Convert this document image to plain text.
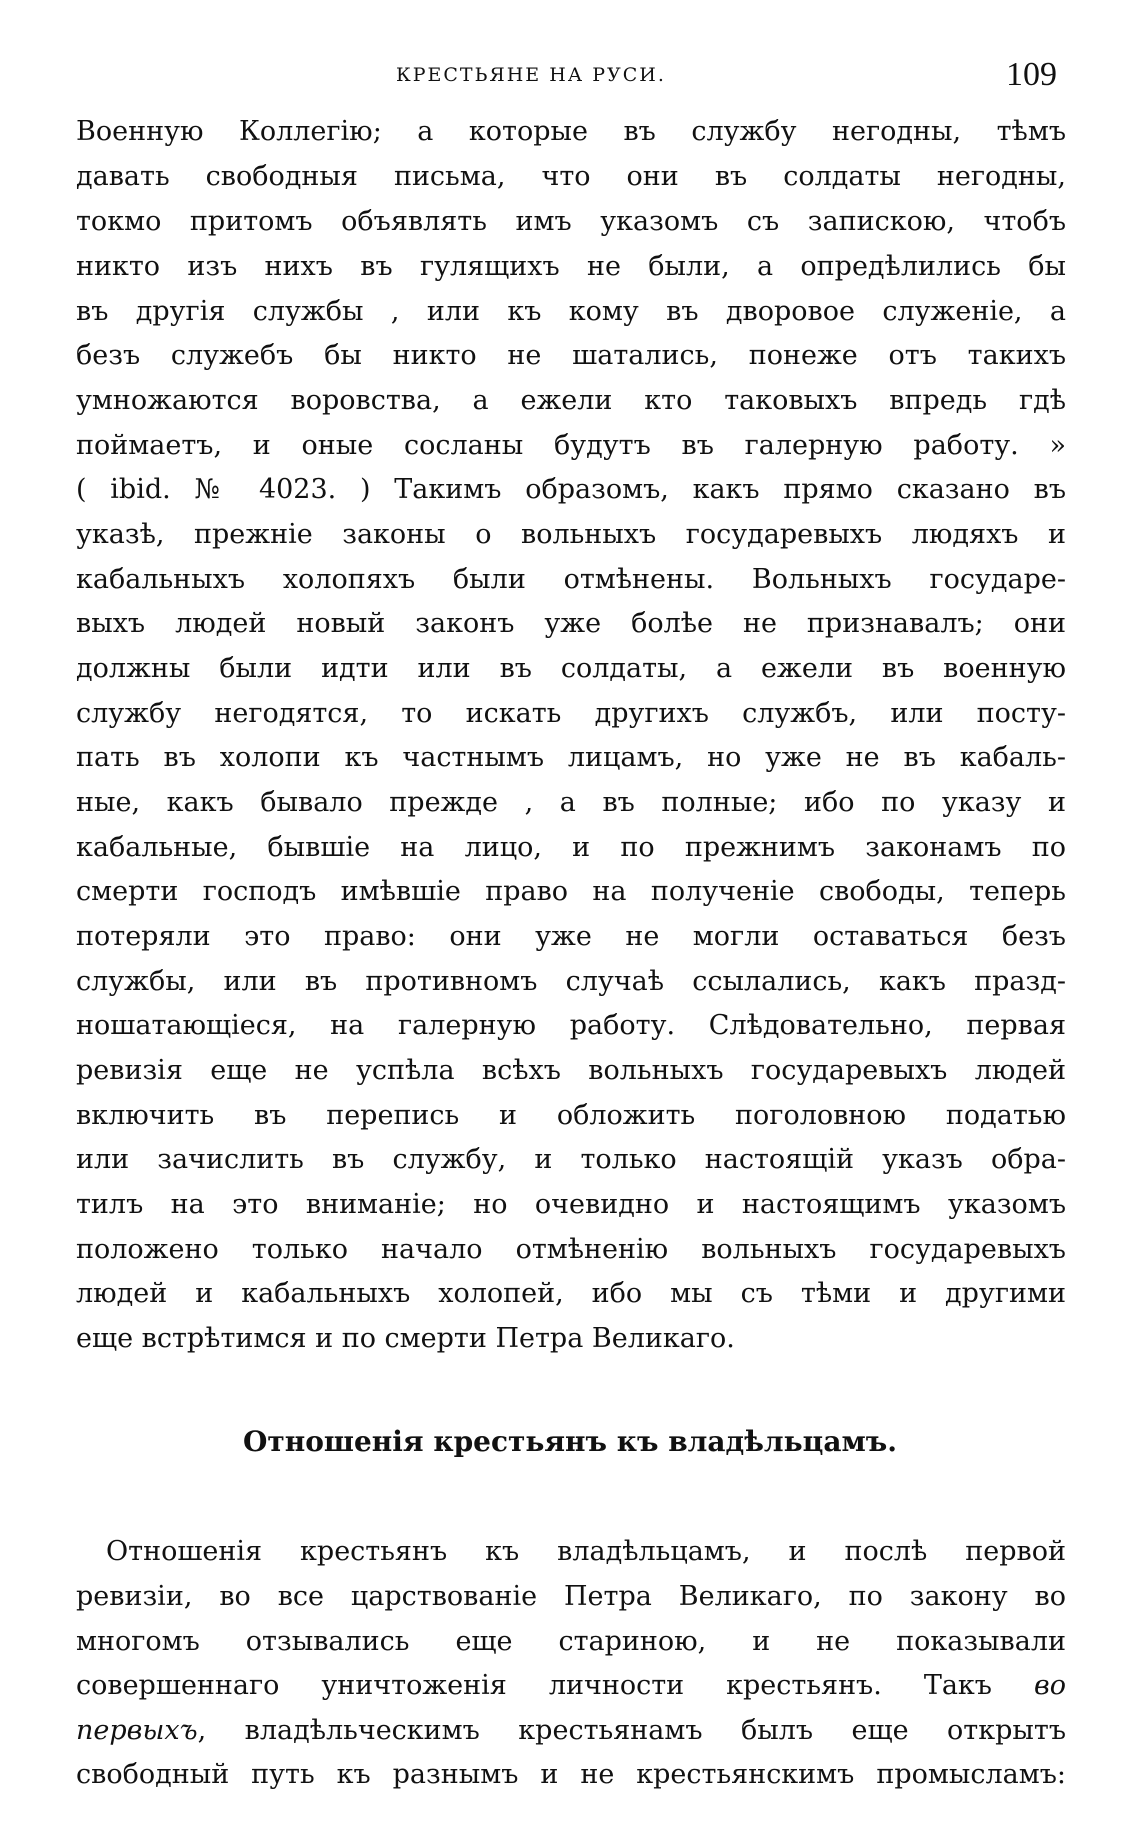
КРЕСТЬЯНЕ НА РУСИ.	109
Военную Коллегію; а которые въ службу негодны, тѣмъ
давать свободныя письма, что они въ солдаты негодны,
токмо притомъ объявлять имъ указомъ съ запискою, чтобъ
никто изъ нихъ въ гулящихъ не были, а опредѣлились бы
въ другія службы , или къ кому въ дворовое служеніе, а
безъ служебъ бы никто не шатались, понеже отъ такихъ
умножаются воровства, а ежели кто таковыхъ впредь гдѣ
поймаетъ, и оные сосланы будутъ въ галерную работу. »
( ibid. № 4023. ) Такимъ образомъ, какъ прямо сказано въ
указѣ, прежніе законы о вольныхъ государевыхъ людяхъ и
кабальныхъ холопяхъ были отмѣнены. Вольныхъ государе-
выхъ людей новый законъ уже болѣе не признавалъ; они
должны были идти или въ солдаты, а ежели въ военную
службу негодятся, то искать другихъ службъ, или посту-
пать въ холопи къ частнымъ лицамъ, но уже не въ кабаль-
ные, какъ бывало прежде , а въ полные; ибо по указу и
кабальные, бывшіе на лицо, и по прежнимъ законамъ по
смерти господъ имѣвшіе право на полученіе свободы, теперь
потеряли это право: они уже не могли оставаться безъ
службы, или въ противномъ случаѣ ссылались, какъ празд-
ношатающіеся, на галерную работу. Слѣдовательно, первая
ревизія еще не успѣла всѣхъ вольныхъ государевыхъ людей
включить въ перепись и обложить поголовною податью
или зачислить въ службу, и только настоящій указъ обра-
тилъ на это вниманіе; но очевидно и настоящимъ указомъ
положено только начало отмѣненію вольныхъ государевыхъ
людей и кабальныхъ холопей, ибо мы съ тѣми и другими
еще встрѣтимся и по смерти Петра Великаго.
Отношенія крестьянъ къ владѣльцамъ.
Отношенія крестьянъ къ владѣльцамъ, и послѣ первой
ревизіи, во все царствованіе Петра Великаго, по закону во
многомъ отзывались еще стариною, и не показывали
совершеннаго уничтоженія личности крестьянъ. Такъ во
первыхъ, владѣльческимъ крестьянамъ былъ еще открытъ
свободный путь къ разнымъ и не крестьянскимъ промысламъ:
